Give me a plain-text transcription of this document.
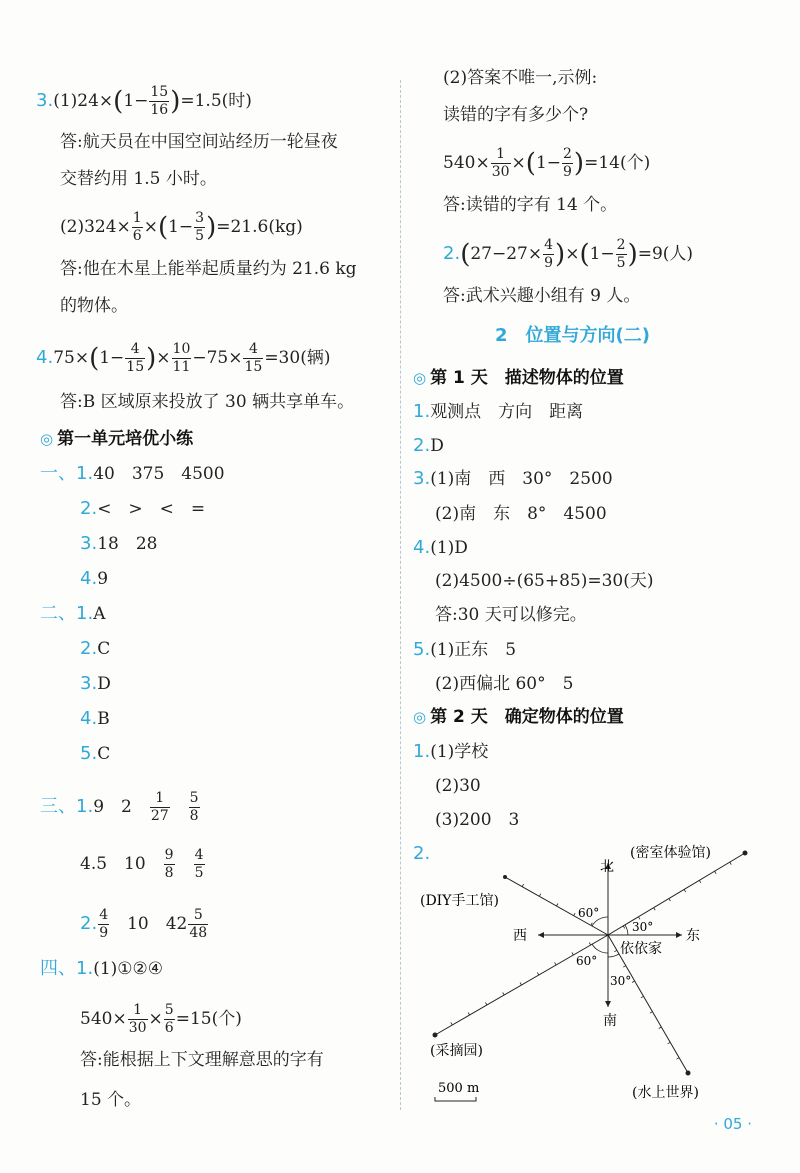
$3.(1)24\times(1- \frac{15}{16} )=1.5$(时)
答:航天员在中国空间站经历一轮昼夜
交替约用 1.5 小时。
$(2)324\times \frac{1}{6} \times(1- \frac{3}{5} )=21.6(kg)$
答:他在木星上能举起质量约为 21.6 kg
的物体。
$4.75\times(1- \frac{4}{15}$ )× $\frac{10}{11} -75\times \frac{4}{15} =30$(辆)
答:B 区域原来投放了 30 辆共享单车。
◎ 第一单元培优小练
一、1.40　375　4500
2.<　>　<　=
3.18　28
4.9
二、1.A
2.C
3.D
4.B
5.C
三、1.9　2　 $\frac{1}{27}$
　 $\frac{5}{8}$
4.5　10　 $\frac{9}{8}$
　 $\frac{4}{5}$
2. $\frac{4}{9}$ 　10　$42 \frac{5}{48}$
四、1.(1)①②④
$540\times \frac{1}{30} \times \frac{5}{6} =15$(个)
答:能根据上下文理解意思的字有
15 个。
(2)答案不唯一,示例:
读错的字有多少个?
$540\times \frac{1}{30} \times(1- \frac{2}{9} )=14$(个)
答:读错的字有 14 个。
$2.(27-27\times \frac{4}{9} )\times(1- \frac{2}{5} )=9$(人)
答:武术兴趣小组有 9 人。
2　位置与方向(二)
◎ 第 1 天　描述物体的位置
1.观测点　方向　距离
2.D
3.(1)南　西　30°　2500
(2)南　东　8°　4500
4.(1)D
(2)4500÷(65+85)=30(天)
答:30 天可以修完。
5.(1)正东　5
(2)西偏北 60°　5
◎ 第 2 天　确定物体的位置
1.(1)学校
(2)30
(3)200　3
2.
北
南
西	东
依依家
(密室体验馆)
(DIY手工馆)
(采摘园)
(水上世界)
60°
30°
60°
30°
500 m
· 05 ·
